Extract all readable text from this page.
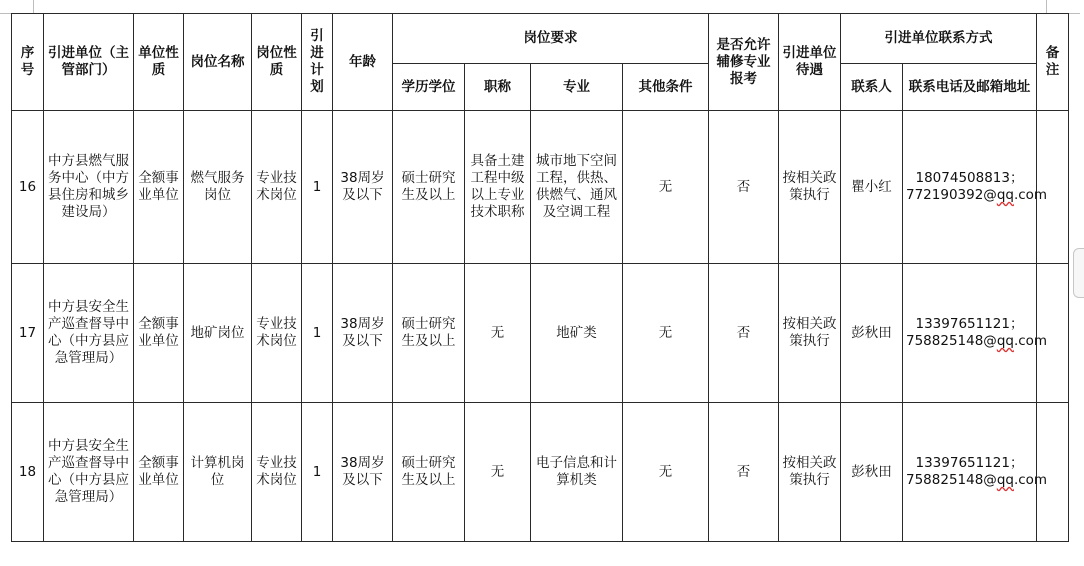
序号	引进单位（主管部门）	单位性质	岗位名称	岗位性质	引进计划	年龄	岗位要求				是否允许辅修专业报考	引进单位待遇	引进单位联系方式		备注
							学历学位	职称	专业	其他条件			联系人	联系电话及邮箱地址	
16	中方县燃气服务中心（中方县住房和城乡建设局）	全额事业单位	燃气服务岗位	专业技术岗位	1	38周岁及以下	硕士研究生及以上	具备土建工程中级以上专业技术职称	城市地下空间工程，供热、供燃气、通风及空调工程	无	否	按相关政策执行	瞿小红	18074508813；
772190392@qq.com	

17	中方县安全生产巡查督导中心（中方县应急管理局）	全额事业单位	地矿岗位	专业技术岗位	1	38周岁及以下	硕士研究生及以上	无	地矿类	无	否	按相关政策执行	彭秋田	13397651121；
758825148@qq.com	

18	中方县安全生产巡查督导中心（中方县应急管理局）	全额事业单位	计算机岗位	专业技术岗位	1	38周岁及以下	硕士研究生及以上	无	电子信息和计算机类	无	否	按相关政策执行	彭秋田	13397651121；
758825148@qq.com	
